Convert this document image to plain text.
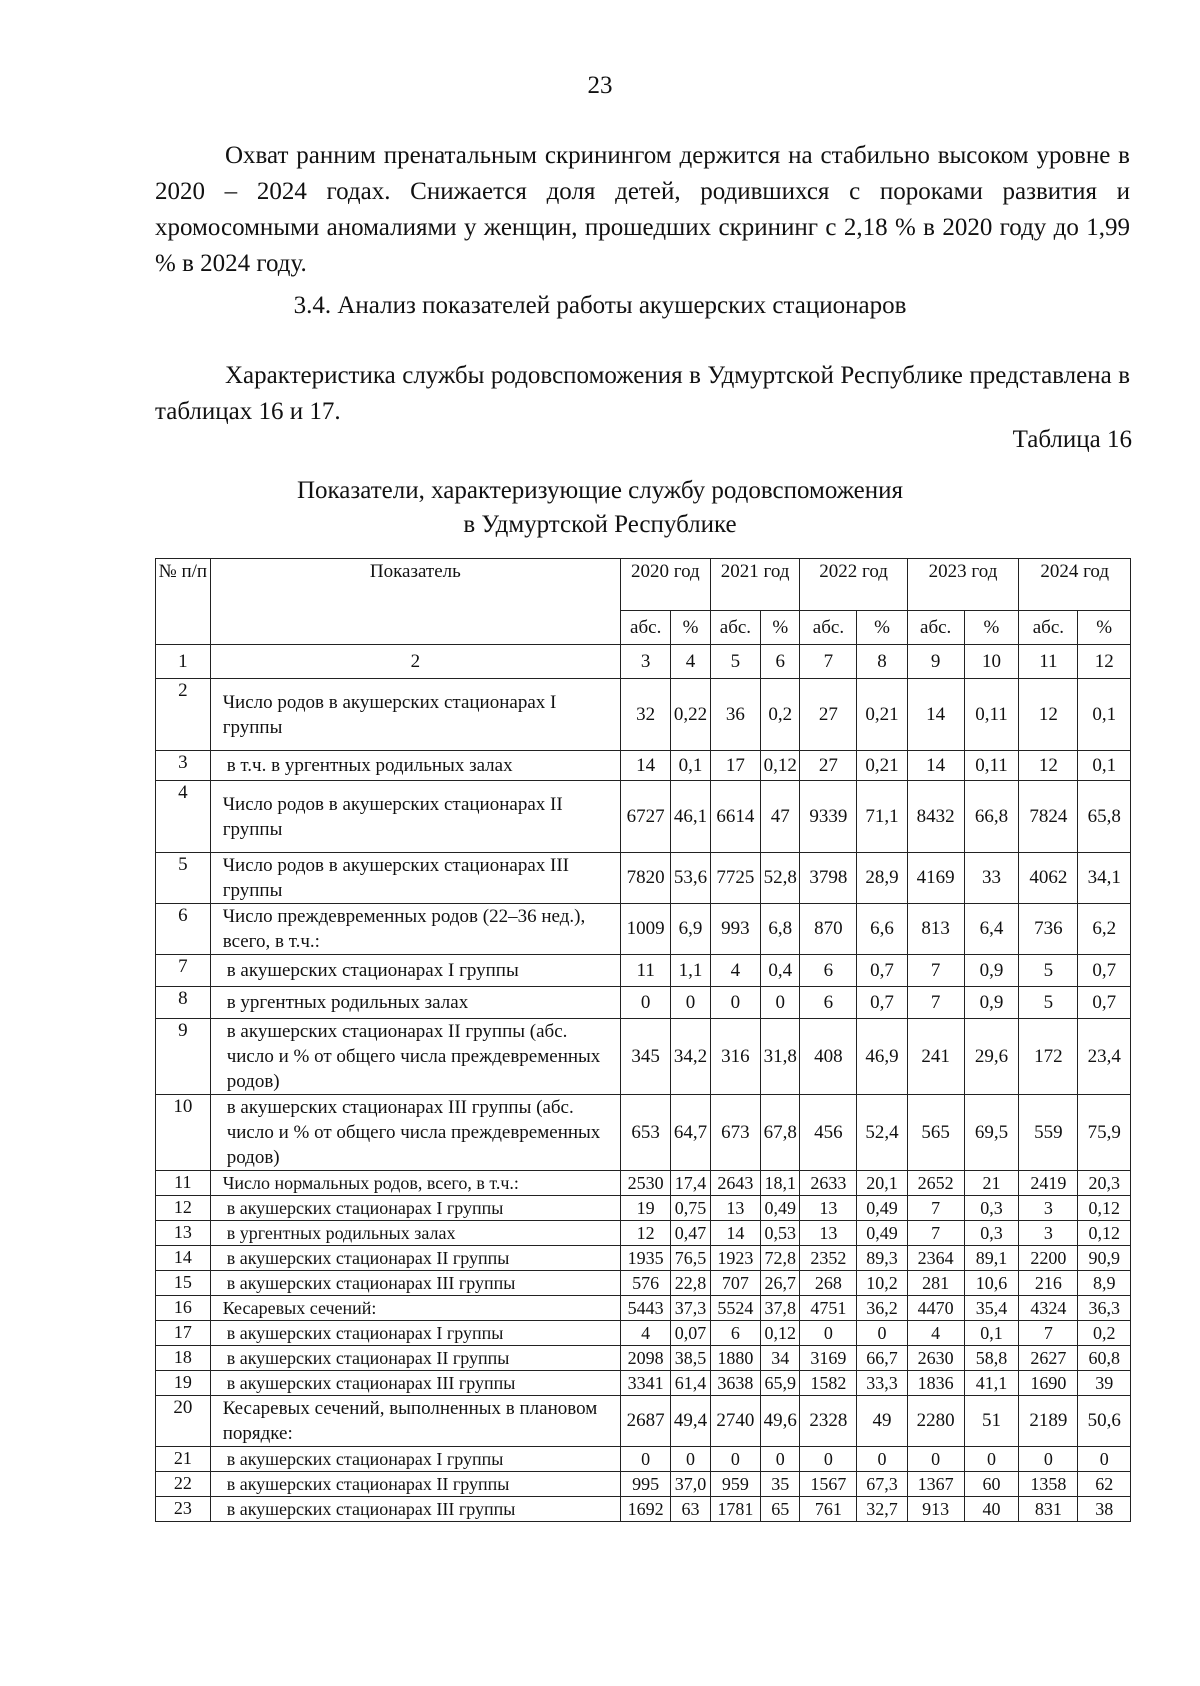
23

Охват ранним пренатальным скринингом держится на стабильно высоком уровне в 2020 – 2024 годах. Снижается доля детей, родившихся с пороками развития и хромосомными аномалиями у женщин, прошедших скрининг с 2,18 % в 2020 году до 1,99 % в 2024 году.

3.4. Анализ показателей работы акушерских стационаров

Характеристика службы родовспоможения в Удмуртской Республике представлена в таблицах 16 и 17.

Таблица 16
Показатели, характеризующие службу родовспоможения
в Удмуртской Республике
№ п/п	Показатель	2020 год		2021 год		2022 год		2023 год		2024 год	
		абс.	%	абс.	%	абс.	%	абс.	%	абс.	%
1	2	3	4	5	6	7	8	9	10	11	12
2	Число родов в акушерских стационарах I группы	32	0,22	36	0,2	27	0,21	14	0,11	12	0,1
3	в т.ч. в ургентных родильных залах	14	0,1	17	0,12	27	0,21	14	0,11	12	0,1
4	Число родов в акушерских стационарах II группы	6727	46,1	6614	47	9339	71,1	8432	66,8	7824	65,8
5	Число родов в акушерских стационарах III группы	7820	53,6	7725	52,8	3798	28,9	4169	33	4062	34,1
6	Число преждевременных родов (22–36 нед.), всего, в т.ч.:	1009	6,9	993	6,8	870	6,6	813	6,4	736	6,2
7	в акушерских стационарах I группы	11	1,1	4	0,4	6	0,7	7	0,9	5	0,7
8	в ургентных родильных залах	0	0	0	0	6	0,7	7	0,9	5	0,7
9	в акушерских стационарах II группы (абс. число и % от общего числа преждевременных родов)	345	34,2	316	31,8	408	46,9	241	29,6	172	23,4
10	в акушерских стационарах III группы (абс. число и % от общего числа преждевременных родов)	653	64,7	673	67,8	456	52,4	565	69,5	559	75,9
11	Число нормальных родов, всего, в т.ч.:	2530	17,4	2643	18,1	2633	20,1	2652	21	2419	20,3
12	в акушерских стационарах I группы	19	0,75	13	0,49	13	0,49	7	0,3	3	0,12
13	в ургентных родильных залах	12	0,47	14	0,53	13	0,49	7	0,3	3	0,12
14	в акушерских стационарах II группы	1935	76,5	1923	72,8	2352	89,3	2364	89,1	2200	90,9
15	в акушерских стационарах III группы	576	22,8	707	26,7	268	10,2	281	10,6	216	8,9
16	Кесаревых сечений:	5443	37,3	5524	37,8	4751	36,2	4470	35,4	4324	36,3
17	в акушерских стационарах I группы	4	0,07	6	0,12	0	0	4	0,1	7	0,2
18	в акушерских стационарах II группы	2098	38,5	1880	34	3169	66,7	2630	58,8	2627	60,8
19	в акушерских стационарах III группы	3341	61,4	3638	65,9	1582	33,3	1836	41,1	1690	39
20	Кесаревых сечений, выполненных в плановом порядке:	2687	49,4	2740	49,6	2328	49	2280	51	2189	50,6
21	в акушерских стационарах I группы	0	0	0	0	0	0	0	0	0	0
22	в акушерских стационарах II группы	995	37,0	959	35	1567	67,3	1367	60	1358	62
23	в акушерских стационарах III группы	1692	63	1781	65	761	32,7	913	40	831	38
